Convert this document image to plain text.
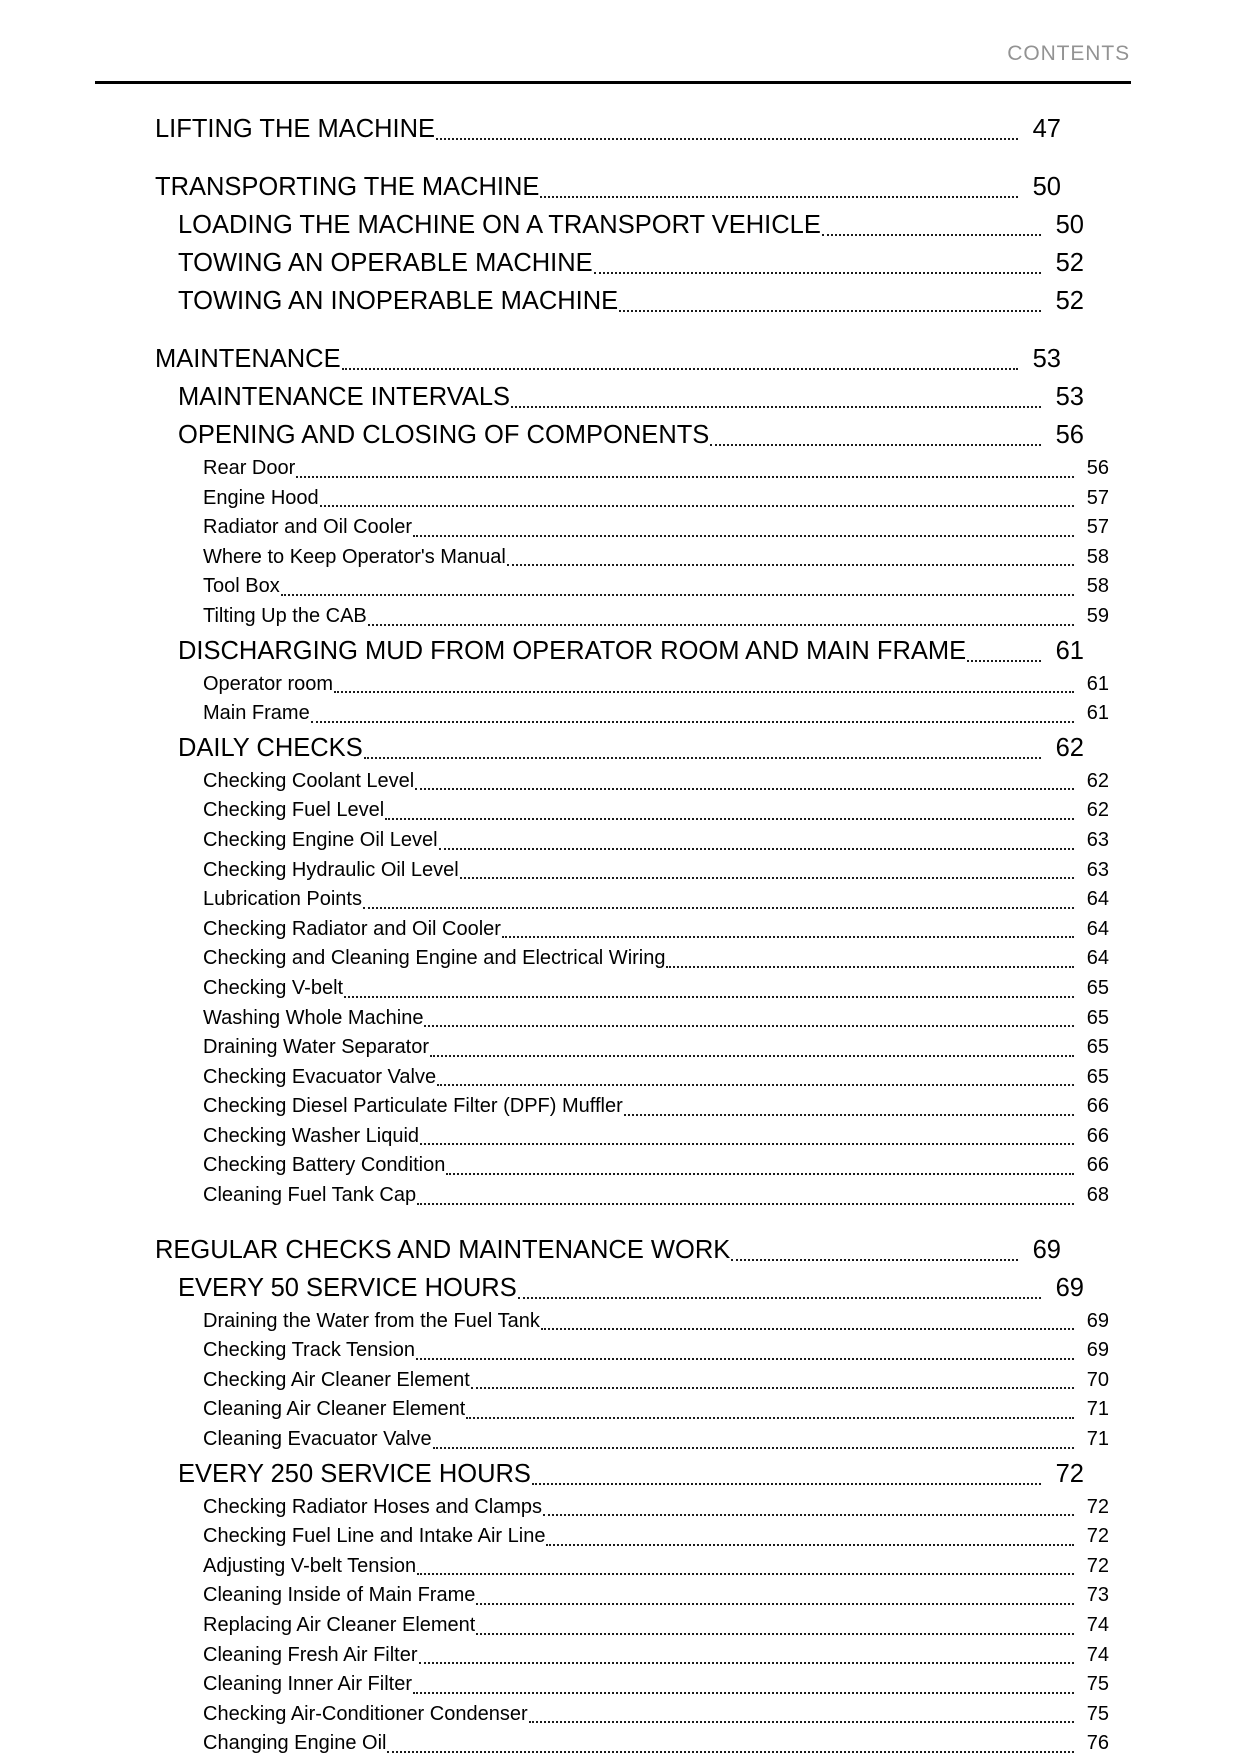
CONTENTS
LIFTING THE MACHINE	47
TRANSPORTING THE MACHINE	50
LOADING THE MACHINE ON A TRANSPORT VEHICLE	50
TOWING AN OPERABLE MACHINE	52
TOWING AN INOPERABLE MACHINE	52
MAINTENANCE	53
MAINTENANCE INTERVALS	53
OPENING AND CLOSING OF COMPONENTS	56
Rear Door	56
Engine Hood	57
Radiator and Oil Cooler	57
Where to Keep Operator's Manual	58
Tool Box	58
Tilting Up the CAB	59
DISCHARGING MUD FROM OPERATOR ROOM AND MAIN FRAME	61
Operator room	61
Main Frame	61
DAILY CHECKS	62
Checking Coolant Level	62
Checking Fuel Level	62
Checking Engine Oil Level	63
Checking Hydraulic Oil Level	63
Lubrication Points	64
Checking Radiator and Oil Cooler	64
Checking and Cleaning Engine and Electrical Wiring	64
Checking V-belt	65
Washing Whole Machine	65
Draining Water Separator	65
Checking Evacuator Valve	65
Checking Diesel Particulate Filter (DPF) Muffler	66
Checking Washer Liquid	66
Checking Battery Condition	66
Cleaning Fuel Tank Cap	68
REGULAR CHECKS AND MAINTENANCE WORK	69
EVERY 50 SERVICE HOURS	69
Draining the Water from the Fuel Tank	69
Checking Track Tension	69
Checking Air Cleaner Element	70
Cleaning Air Cleaner Element	71
Cleaning Evacuator Valve	71
EVERY 250 SERVICE HOURS	72
Checking Radiator Hoses and Clamps	72
Checking Fuel Line and Intake Air Line	72
Adjusting V-belt Tension	72
Cleaning Inside of Main Frame	73
Replacing Air Cleaner Element	74
Cleaning Fresh Air Filter	74
Cleaning Inner Air Filter	75
Checking Air-Conditioner Condenser	75
Changing Engine Oil	76
